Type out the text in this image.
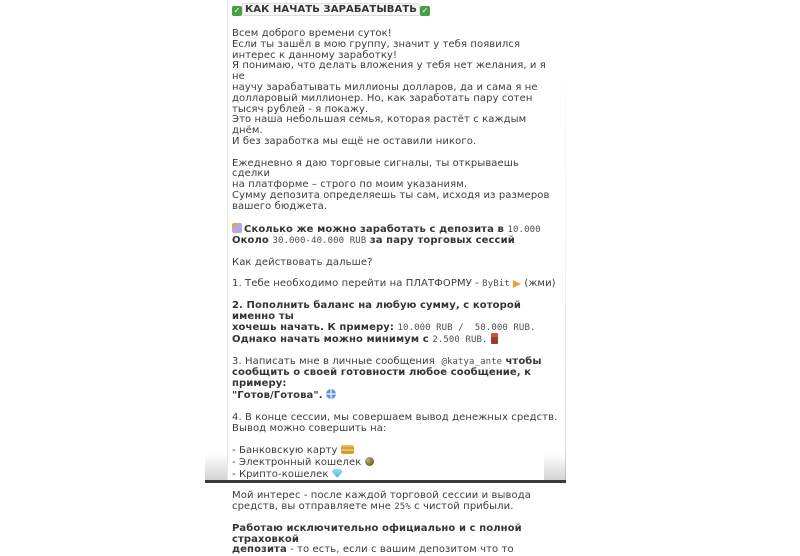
✓КАК НАЧАТЬ ЗАРАБАТЫВАТЬ ✓
Всем доброго времени суток!
Если ты зашёл в мою группу, значит у тебя появился
интерес к данному заработку!
Я понимаю, что делать вложения у тебя нет желания, и я не
научу зарабатывать миллионы долларов, да и сама я не
долларовый миллионер. Но, как заработать пару сотен
тысяч рублей - я покажу.
Это наша небольшая семья, которая растёт с каждым днём.
И без заработка мы ещё не оставили никого.
Ежедневно я даю торговые сигналы, ты открываешь сделки
на платформе – строго по моим указаниям.
Сумму депозита определяешь ты сам, исходя из размеров
вашего бюджета.
Сколько же можно заработать с депозита в 10.000
Около 30.000-40.000 RUB за пару торговых сессий
Как действовать дальше?
1. Тебе необходимо перейти на ПЛАТФОРМУ - ByBit  (жми)
2. Пополнить баланс на любую сумму, с которой именно ты
хочешь начать. К примеру: 10.000 RUB /  50.000 RUB.
Однако начать можно минимум с 2.500 RUB.
3. Написать мне в личные сообщения  @katya_ante чтобы
сообщить о своей готовности любое сообщение, к примеру:
"Готов/Готова".
4. В конце сессии, мы совершаем вывод денежных средств.
Вывод можно совершить на:
- Банковскую карту
- Электронный кошелек
- Крипто-кошелек
Мой интерес - после каждой торговой сессии и вывода
средств, вы отправляете мне 25% с чистой прибыли.
Работаю исключительно официально и с полной страховкой
депозита - то есть, если с вашим депозитом что то
